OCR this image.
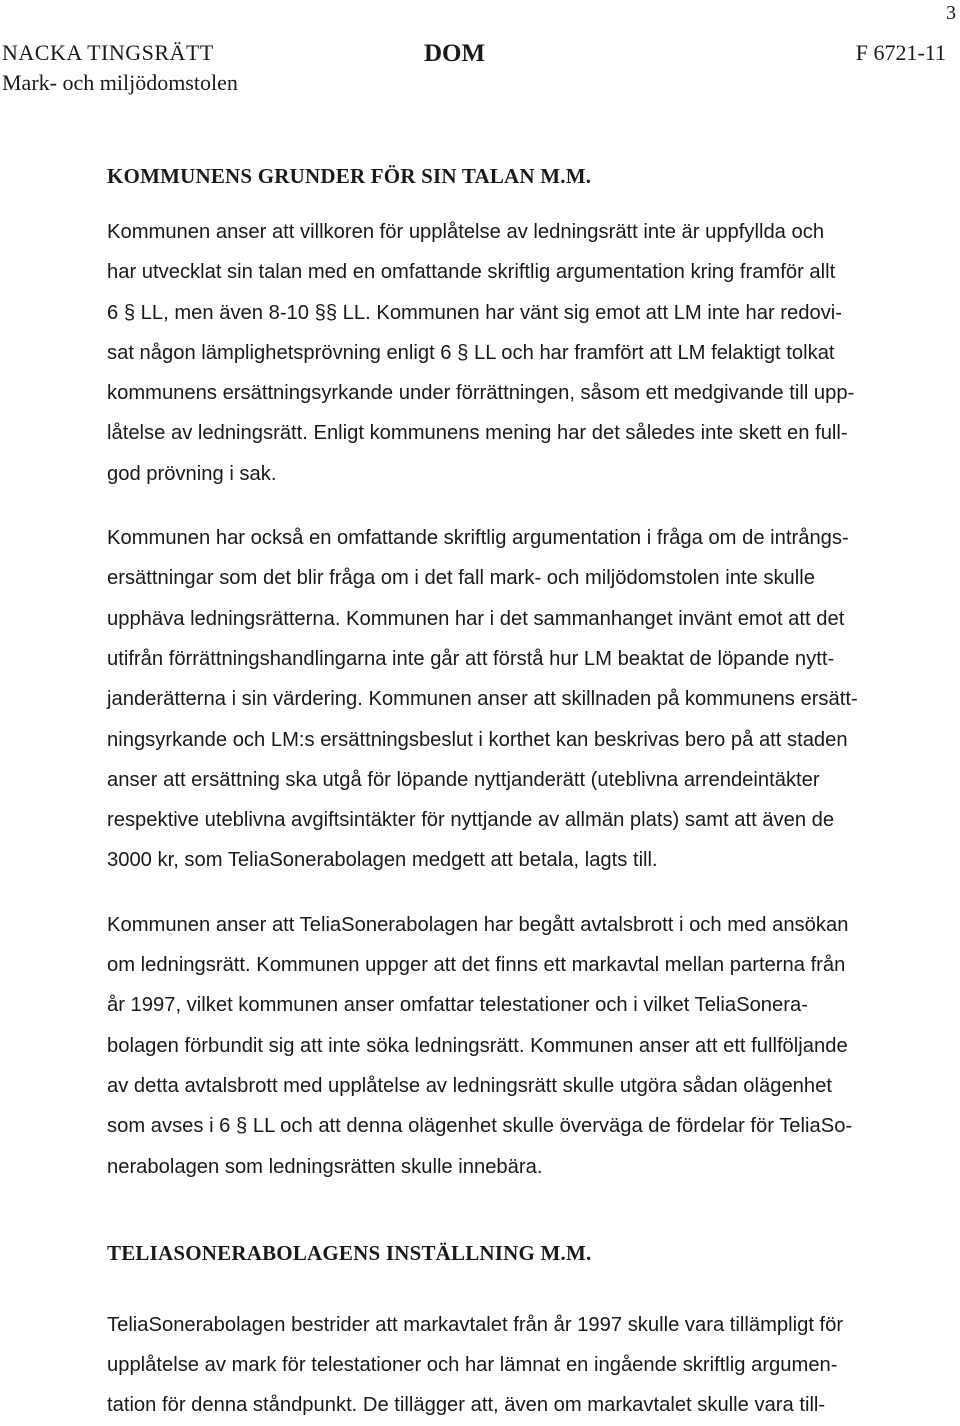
3
NACKA TINGSRÄTT
Mark- och miljödomstolen
DOM	F 6721-11
KOMMUNENS GRUNDER FÖR SIN TALAN M.M.

Kommunen anser att villkoren för upplåtelse av ledningsrätt inte är uppfyllda och
har utvecklat sin talan med en omfattande skriftlig argumentation kring framför allt
6 § LL, men även 8-10 §§ LL. Kommunen har vänt sig emot att LM inte har redovi-
sat någon lämplighetsprövning enligt 6 § LL och har framfört att LM felaktigt tolkat
kommunens ersättningsyrkande under förrättningen, såsom ett medgivande till upp-
låtelse av ledningsrätt. Enligt kommunens mening har det således inte skett en full-
god prövning i sak.

Kommunen har också en omfattande skriftlig argumentation i fråga om de intrångs-
ersättningar som det blir fråga om i det fall mark- och miljödomstolen inte skulle
upphäva ledningsrätterna. Kommunen har i det sammanhanget invänt emot att det
utifrån förrättningshandlingarna inte går att förstå hur LM beaktat de löpande nytt-
janderätterna i sin värdering. Kommunen anser att skillnaden på kommunens ersätt-
ningsyrkande och LM:s ersättningsbeslut i korthet kan beskrivas bero på att staden
anser att ersättning ska utgå för löpande nyttjanderätt (uteblivna arrendeintäkter
respektive uteblivna avgiftsintäkter för nyttjande av allmän plats) samt att även de
3000 kr, som TeliaSonerabolagen medgett att betala, lagts till.

Kommunen anser att TeliaSonerabolagen har begått avtalsbrott i och med ansökan
om ledningsrätt. Kommunen uppger att det finns ett markavtal mellan parterna från
år 1997, vilket kommunen anser omfattar telestationer och i vilket TeliaSonera-
bolagen förbundit sig att inte söka ledningsrätt. Kommunen anser att ett fullföljande
av detta avtalsbrott med upplåtelse av ledningsrätt skulle utgöra sådan olägenhet
som avses i 6 § LL och att denna olägenhet skulle överväga de fördelar för TeliaSo-
nerabolagen som ledningsrätten skulle innebära.

TELIASONERABOLAGENS INSTÄLLNING M.M.

TeliaSonerabolagen bestrider att markavtalet från år 1997 skulle vara tillämpligt för
upplåtelse av mark för telestationer och har lämnat en ingående skriftlig argumen-
tation för denna ståndpunkt. De tillägger att, även om markavtalet skulle vara till-
